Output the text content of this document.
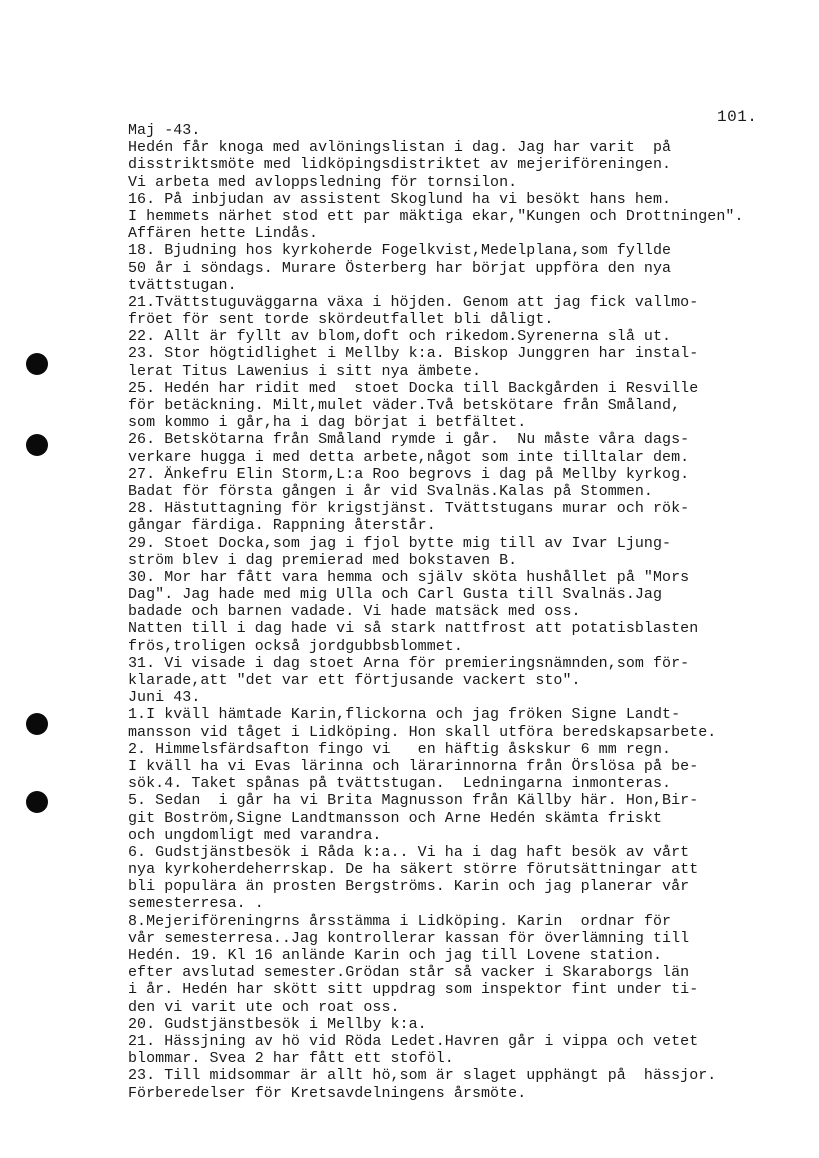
101.
Maj -43.
Hedén får knoga med avlöningslistan i dag. Jag har varit  på
disstriktsmöte med lidköpingsdistriktet av mejeriföreningen.
Vi arbeta med avloppsledning för tornsilon.
16. På inbjudan av assistent Skoglund ha vi besökt hans hem.
I hemmets närhet stod ett par mäktiga ekar,"Kungen och Drottningen".
Affären hette Lindås.
18. Bjudning hos kyrkoherde Fogelkvist,Medelplana,som fyllde
50 år i söndags. Murare Österberg har börjat uppföra den nya
tvättstugan.
21.Tvättstuguväggarna växa i höjden. Genom att jag fick vallmo-
fröet för sent torde skördeutfallet bli dåligt.
22. Allt är fyllt av blom,doft och rikedom.Syrenerna slå ut.
23. Stor högtidlighet i Mellby k:a. Biskop Junggren har instal-
lerat Titus Lawenius i sitt nya ämbete.
25. Hedén har ridit med  stoet Docka till Backgården i Resville
för betäckning. Milt,mulet väder.Två betskötare från Småland,
som kommo i går,ha i dag börjat i betfältet.
26. Betskötarna från Småland rymde i går.  Nu måste våra dags-
verkare hugga i med detta arbete,något som inte tilltalar dem.
27. Änkefru Elin Storm,L:a Roo begrovs i dag på Mellby kyrkog.
Badat för första gången i år vid Svalnäs.Kalas på Stommen.
28. Hästuttagning för krigstjänst. Tvättstugans murar och rök-
gångar färdiga. Rappning återstår.
29. Stoet Docka,som jag i fjol bytte mig till av Ivar Ljung-
ström blev i dag premierad med bokstaven B.
30. Mor har fått vara hemma och själv sköta hushållet på "Mors
Dag". Jag hade med mig Ulla och Carl Gusta till Svalnäs.Jag
badade och barnen vadade. Vi hade matsäck med oss.
Natten till i dag hade vi så stark nattfrost att potatisblasten
frös,troligen också jordgubbsblommet.
31. Vi visade i dag stoet Arna för premieringsnämnden,som för-
klarade,att "det var ett förtjusande vackert sto".
Juni 43.
1.I kväll hämtade Karin,flickorna och jag fröken Signe Landt-
mansson vid tåget i Lidköping. Hon skall utföra beredskapsarbete.
2. Himmelsfärdsafton fingo vi   en häftig åskskur 6 mm regn.
I kväll ha vi Evas lärinna och lärarinnorna från Örslösa på be-
sök.4. Taket spånas på tvättstugan.  Ledningarna inmonteras.
5. Sedan  i går ha vi Brita Magnusson från Källby här. Hon,Bir-
git Boström,Signe Landtmansson och Arne Hedén skämta friskt
och ungdomligt med varandra.
6. Gudstjänstbesök i Råda k:a.. Vi ha i dag haft besök av vårt
nya kyrkoherdeherrskap. De ha säkert större förutsättningar att
bli populära än prosten Bergströms. Karin och jag planerar vår
semesterresa. .
8.Mejeriföreningrns årsstämma i Lidköping. Karin  ordnar för
vår semesterresa..Jag kontrollerar kassan för överlämning till
Hedén. 19. Kl 16 anlände Karin och jag till Lovene station.
efter avslutad semester.Grödan står så vacker i Skaraborgs län
i år. Hedén har skött sitt uppdrag som inspektor fint under ti-
den vi varit ute och roat oss.
20. Gudstjänstbesök i Mellby k:a.
21. Hässjning av hö vid Röda Ledet.Havren går i vippa och vetet
blommar. Svea 2 har fått ett stoföl.
23. Till midsommar är allt hö,som är slaget upphängt på  hässjor.
Förberedelser för Kretsavdelningens årsmöte.
